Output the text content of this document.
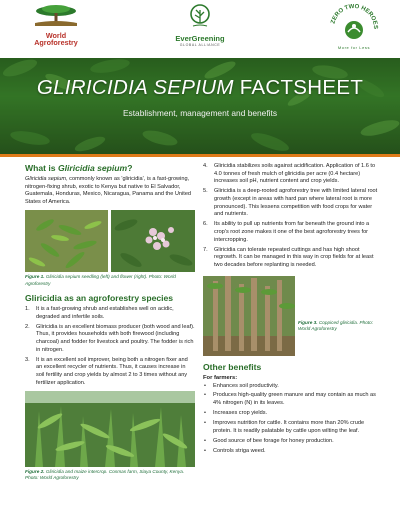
World
Agroforestry	EverGreening
GLOBAL ALLIANCE
ZERO TWO HEROES
More for Less
GLIRICIDIA SEPIUM FACTSHEET
Establishment, management and benefits
What is Gliricidia sepium?

Gliricidia sepium, commonly known as 'gliricidia', is a fast-growing, nitrogen-fixing shrub, exotic to Kenya but native to El Salvador, Guatemala, Honduras, Mexico, Nicaragua, Panama and the United States of America.

Figure 1. Gliricidia sepium seedling (left) and flower (right). Photo: World Agroforestry
Gliricidia as an agroforestry species
1. It is a fast-growing shrub and establishes well on acidic, degraded and infertile soils.
2. Gliricidia is an excellent biomass producer (both wood and leaf). Thus, it provides households with both firewood (including charcoal) and fodder for livestock and poultry. The fodder is rich in nitrogen.
3. It is an excellent soil improver, being both a nitrogen fixer and an excellent recycler of nutrients. Thus, it causes increase in soil fertility and crop yields by almost 2 to 3 times without any fertilizer application.
Figure 2. Gliricidia and maize intercrop. Cosmas farm, Siaya County, Kenya. Photo: World Agroforestry
4. Gliricidia stabilizes soils against acidification. Application of 1.6 to 4.0 tonnes of fresh mulch of gliricidia per acre (0.4 hectare) increases soil pH, nutrient content and crop yields.
5. Gliricidia is a deep-rooted agroforestry tree with limited lateral root growth (except in areas with hard pan where lateral root is more pronounced). This lessens competition with food crops for water and nutrients.
6. Its ability to pull up nutrients from far beneath the ground into a crop's root zone makes it one of the best agroforestry trees for intercropping.
7. Gliricidia can tolerate repeated cuttings and has high shoot regrowth. It can be managed in this way in crop fields for at least two decades before replanting is needed.
Figure 3. Coppiced gliricidia. Photo: World Agroforestry
Other benefits
For farmers:
• Enhances soil productivity.
• Produces high-quality green manure and may contain as much as 4% nitrogen (N) in its leaves.
• Increases crop yields.
• Improves nutrition for cattle. It contains more than 20% crude protein. It is readily palatable by cattle upon wilting the leaf.
• Good source of bee forage for honey production.
• Controls striga weed.
